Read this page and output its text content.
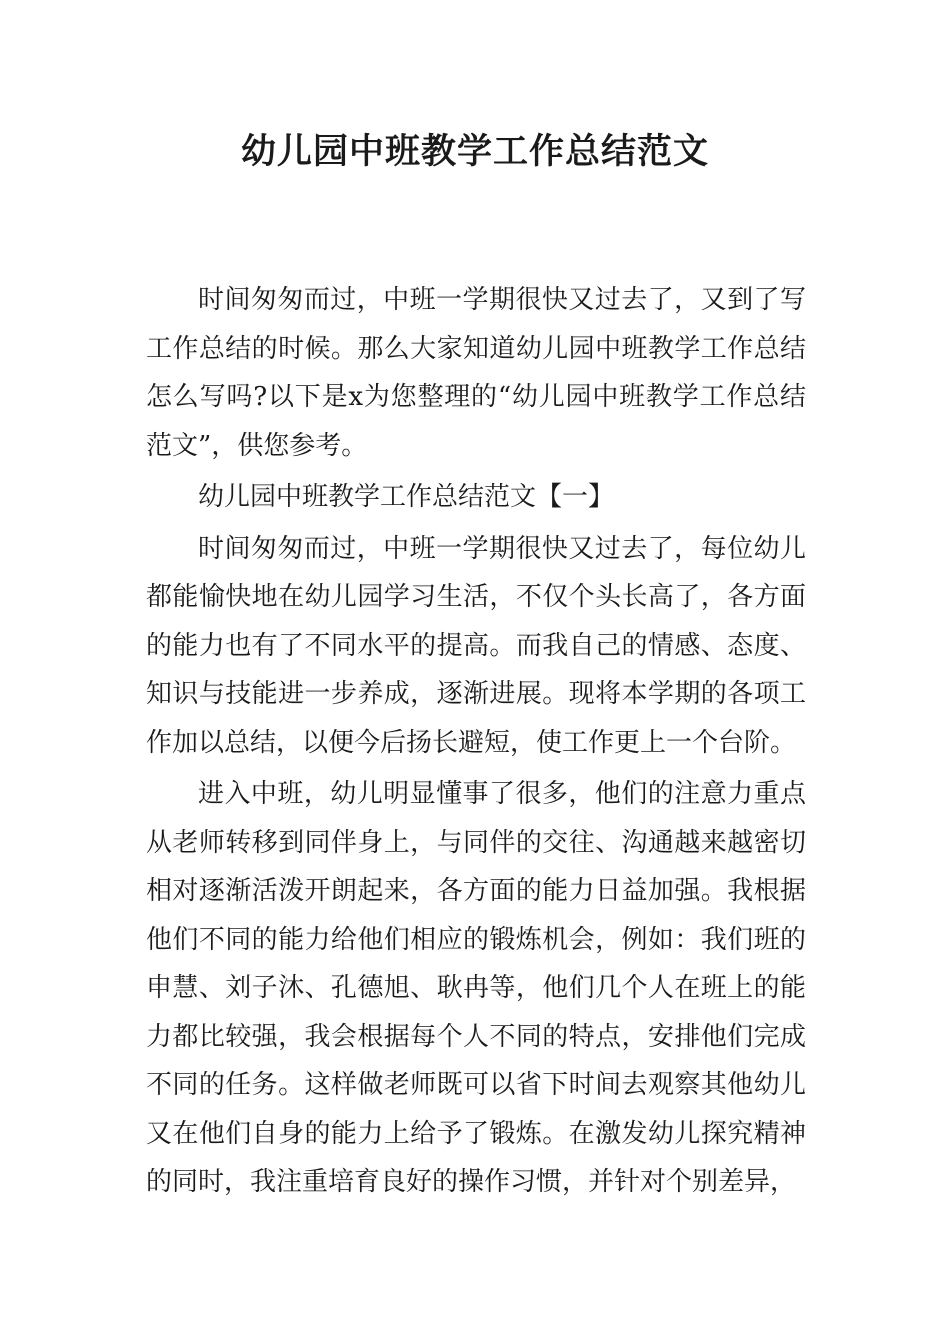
幼儿园中班教学工作总结范文

时间匆匆而过，中班一学期很快又过去了，又到了写工作总结的时候。那么大家知道幼儿园中班教学工作总结怎么写吗?以下是x为您整理的“幼儿园中班教学工作总结范文”，供您参考。

幼儿园中班教学工作总结范文【一】

时间匆匆而过，中班一学期很快又过去了，每位幼儿都能愉快地在幼儿园学习生活，不仅个头长高了，各方面的能力也有了不同水平的提高。而我自己的情感、态度、知识与技能进一步养成，逐渐进展。现将本学期的各项工作加以总结，以便今后扬长避短，使工作更上一个台阶。

进入中班，幼儿明显懂事了很多，他们的注意力重点从老师转移到同伴身上，与同伴的交往、沟通越来越密切相对逐渐活泼开朗起来，各方面的能力日益加强。我根据他们不同的能力给他们相应的锻炼机会，例如：我们班的申慧、刘子沐、孔德旭、耿冉等，他们几个人在班上的能力都比较强，我会根据每个人不同的特点，安排他们完成不同的任务。这样做老师既可以省下时间去观察其他幼儿又在他们自身的能力上给予了锻炼。在激发幼儿探究精神的同时，我注重培育良好的操作习惯，并针对个别差异，
